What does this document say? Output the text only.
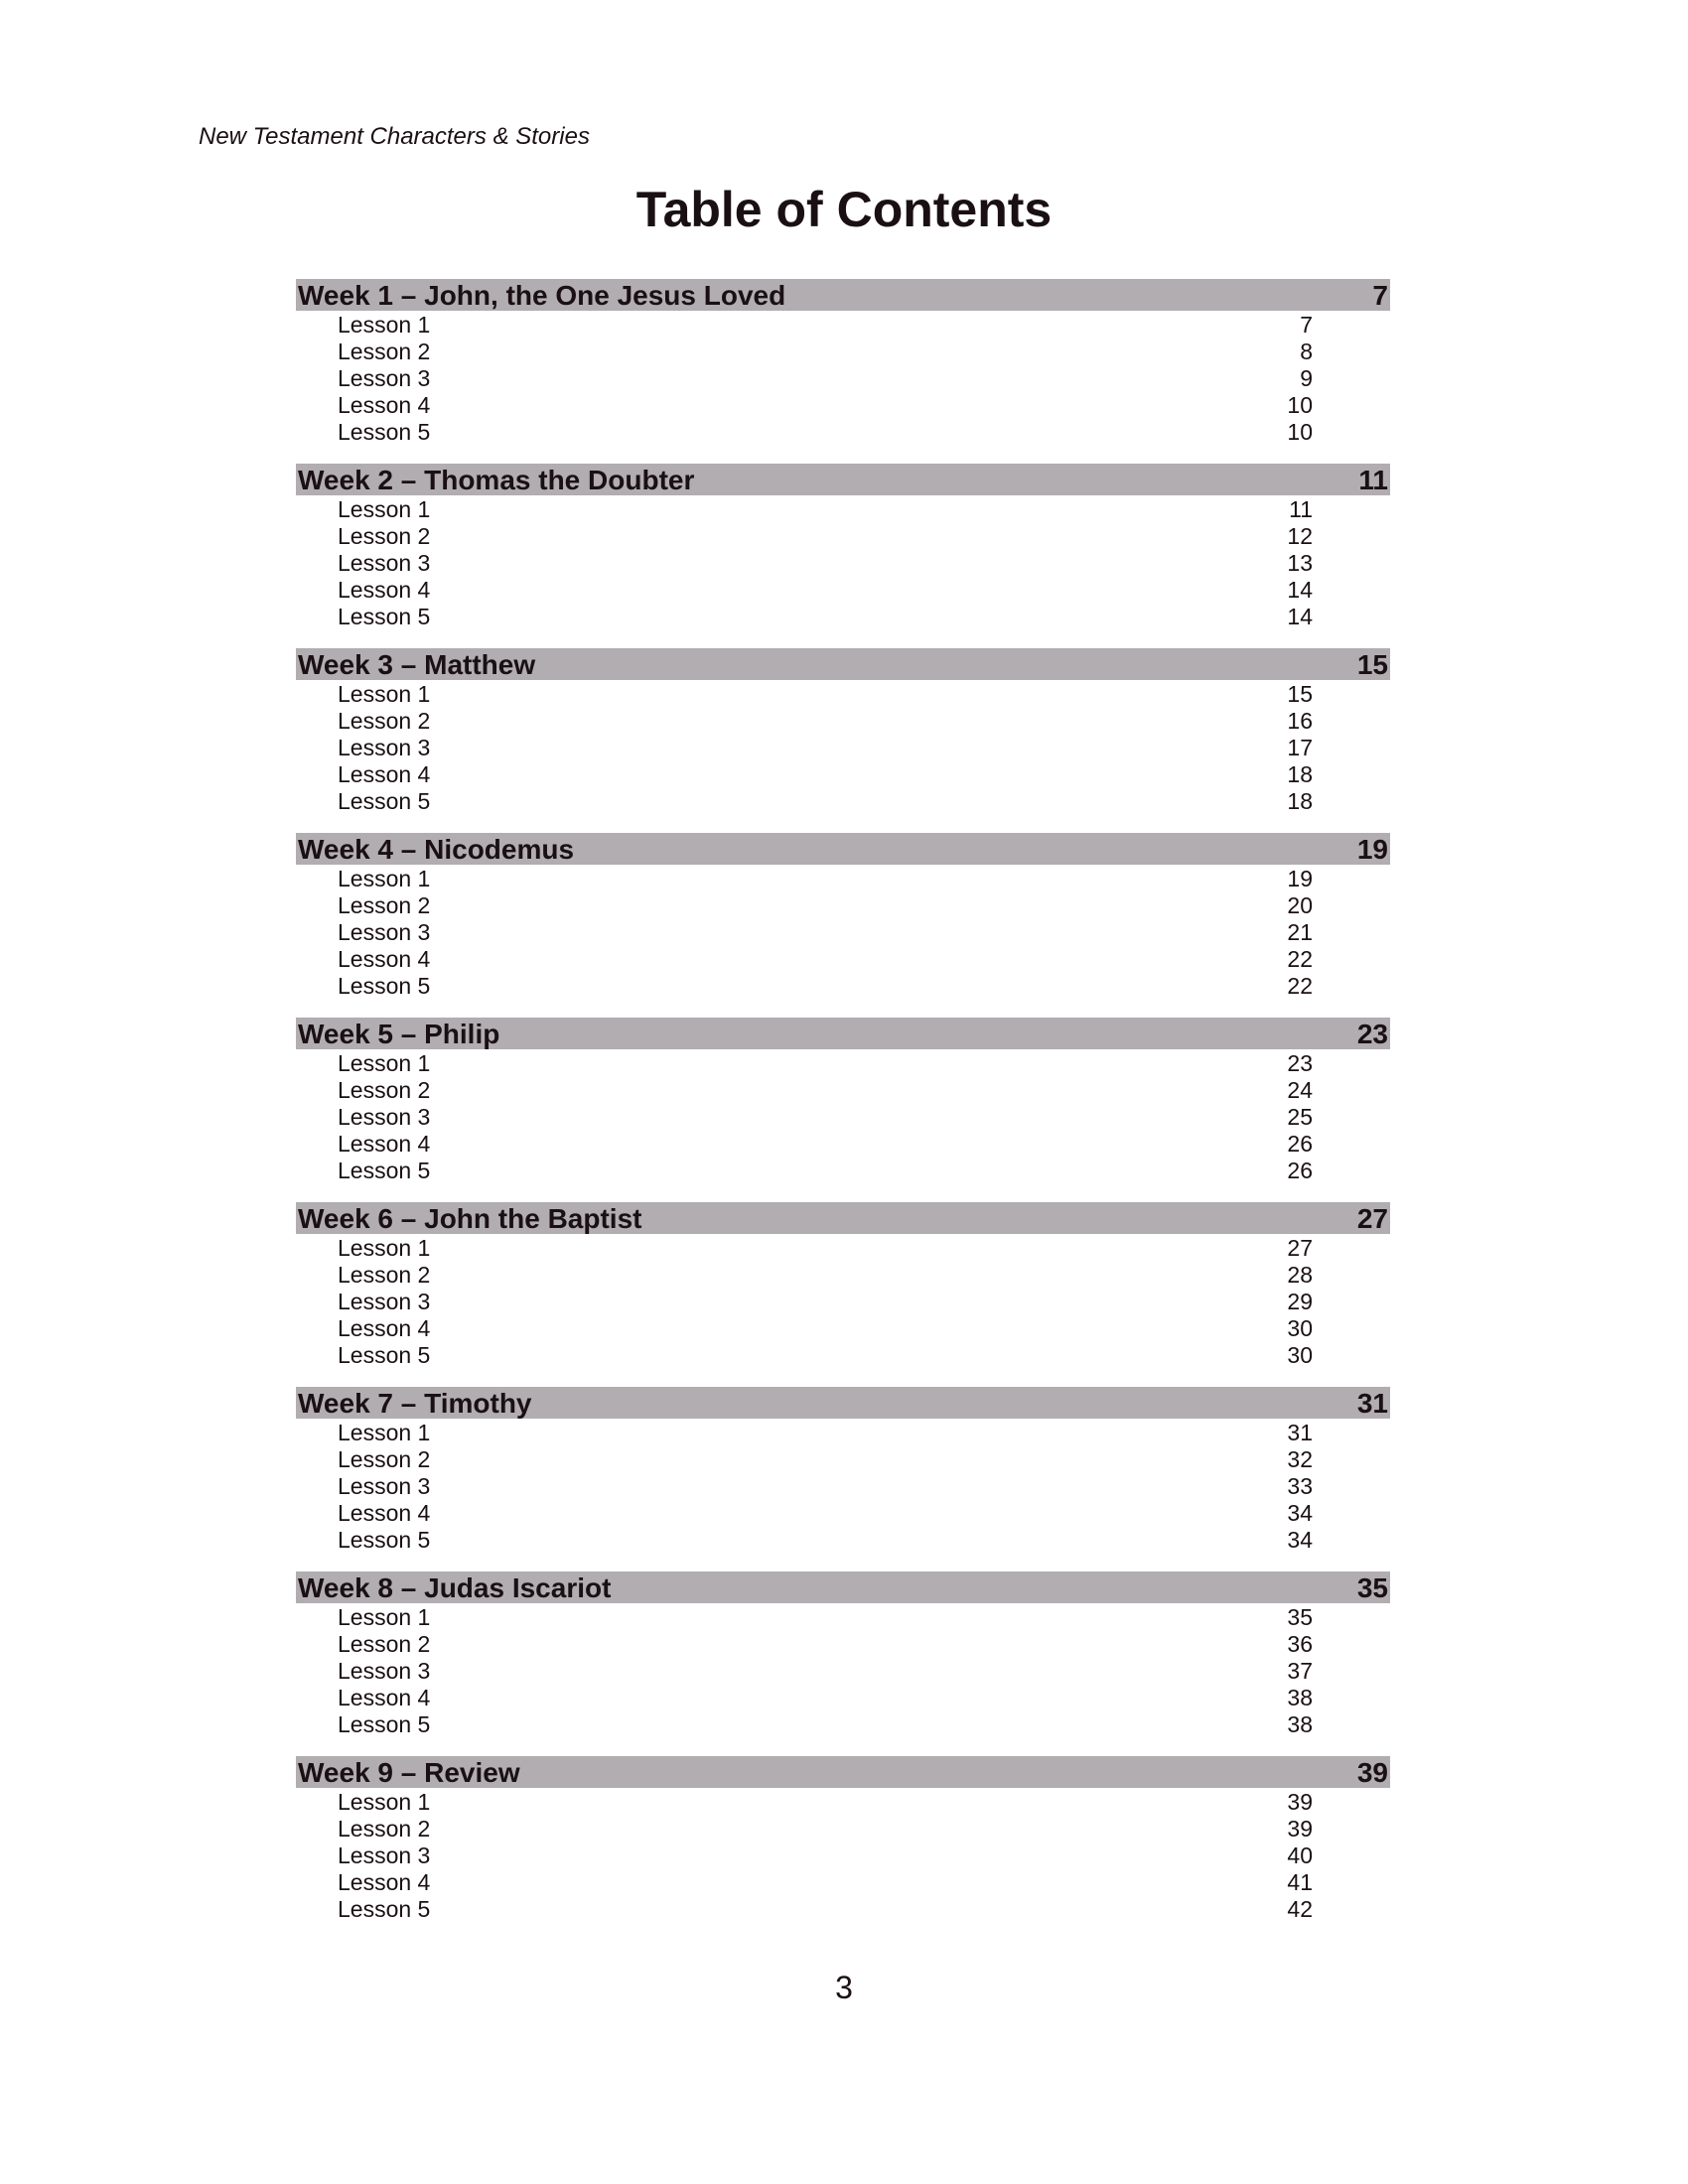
New Testament Characters & Stories
Table of Contents
Week 1 – John, the One Jesus Loved	7
Lesson 1	7
Lesson 2	8
Lesson 3	9
Lesson 4	10
Lesson 5	10
Week 2 – Thomas the Doubter	11
Lesson 1	11
Lesson 2	12
Lesson 3	13
Lesson 4	14
Lesson 5	14
Week 3 – Matthew	15
Lesson 1	15
Lesson 2	16
Lesson 3	17
Lesson 4	18
Lesson 5	18
Week 4 – Nicodemus	19
Lesson 1	19
Lesson 2	20
Lesson 3	21
Lesson 4	22
Lesson 5	22
Week 5 – Philip	23
Lesson 1	23
Lesson 2	24
Lesson 3	25
Lesson 4	26
Lesson 5	26
Week 6 – John the Baptist	27
Lesson 1	27
Lesson 2	28
Lesson 3	29
Lesson 4	30
Lesson 5	30
Week 7 – Timothy	31
Lesson 1	31
Lesson 2	32
Lesson 3	33
Lesson 4	34
Lesson 5	34
Week 8 – Judas Iscariot	35
Lesson 1	35
Lesson 2	36
Lesson 3	37
Lesson 4	38
Lesson 5	38
Week 9 – Review	39
Lesson 1	39
Lesson 2	39
Lesson 3	40
Lesson 4	41
Lesson 5	42
3
